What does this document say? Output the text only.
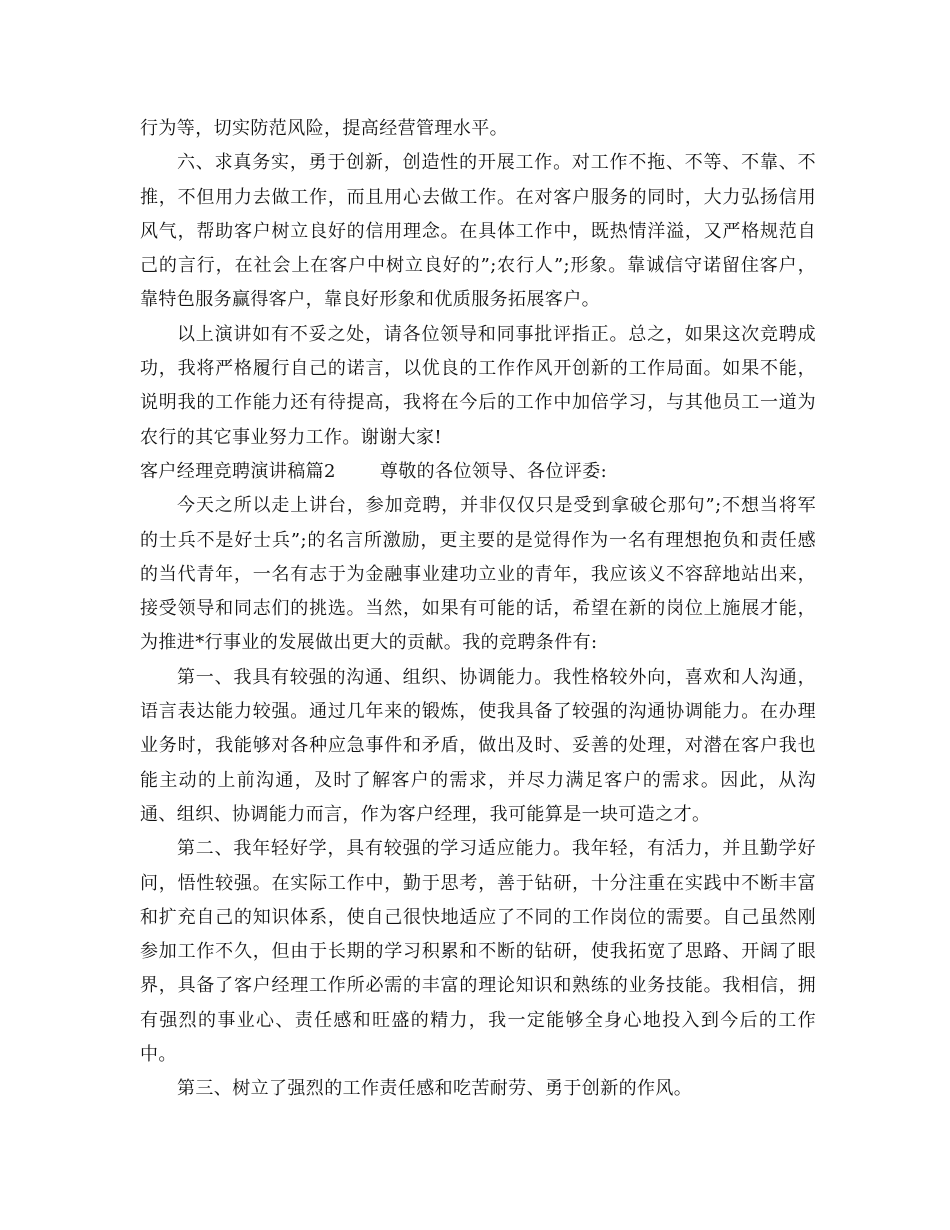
行为等，切实防范风险，提高经营管理水平。

六、求真务实，勇于创新，创造性的开展工作。对工作不拖、不等、不靠、不推，不但用力去做工作，而且用心去做工作。在对客户服务的同时，大力弘扬信用风气，帮助客户树立良好的信用理念。在具体工作中，既热情洋溢，又严格规范自己的言行，在社会上在客户中树立良好的”;农行人”;形象。靠诚信守诺留住客户，靠特色服务赢得客户，靠良好形象和优质服务拓展客户。

以上演讲如有不妥之处，请各位领导和同事批评指正。总之，如果这次竞聘成功，我将严格履行自己的诺言，以优良的工作作风开创新的工作局面。如果不能，说明我的工作能力还有待提高，我将在今后的工作中加倍学习，与其他员工一道为农行的其它事业努力工作。谢谢大家!

客户经理竞聘演讲稿篇2 尊敬的各位领导、各位评委:

今天之所以走上讲台，参加竞聘，并非仅仅只是受到拿破仑那句”;不想当将军的士兵不是好士兵”;的名言所激励，更主要的是觉得作为一名有理想抱负和责任感的当代青年，一名有志于为金融事业建功立业的青年，我应该义不容辞地站出来，接受领导和同志们的挑选。当然，如果有可能的话，希望在新的岗位上施展才能，为推进*行事业的发展做出更大的贡献。我的竞聘条件有:

第一、我具有较强的沟通、组织、协调能力。我性格较外向，喜欢和人沟通，语言表达能力较强。通过几年来的锻炼，使我具备了较强的沟通协调能力。在办理业务时，我能够对各种应急事件和矛盾，做出及时、妥善的处理，对潜在客户我也能主动的上前沟通，及时了解客户的需求，并尽力满足客户的需求。因此，从沟通、组织、协调能力而言，作为客户经理，我可能算是一块可造之才。

第二、我年轻好学，具有较强的学习适应能力。我年轻，有活力，并且勤学好问，悟性较强。在实际工作中，勤于思考，善于钻研，十分注重在实践中不断丰富和扩充自己的知识体系，使自己很快地适应了不同的工作岗位的需要。自己虽然刚参加工作不久，但由于长期的学习积累和不断的钻研，使我拓宽了思路、开阔了眼界，具备了客户经理工作所必需的丰富的理论知识和熟练的业务技能。我相信，拥有强烈的事业心、责任感和旺盛的精力，我一定能够全身心地投入到今后的工作中。

第三、树立了强烈的工作责任感和吃苦耐劳、勇于创新的作风。
